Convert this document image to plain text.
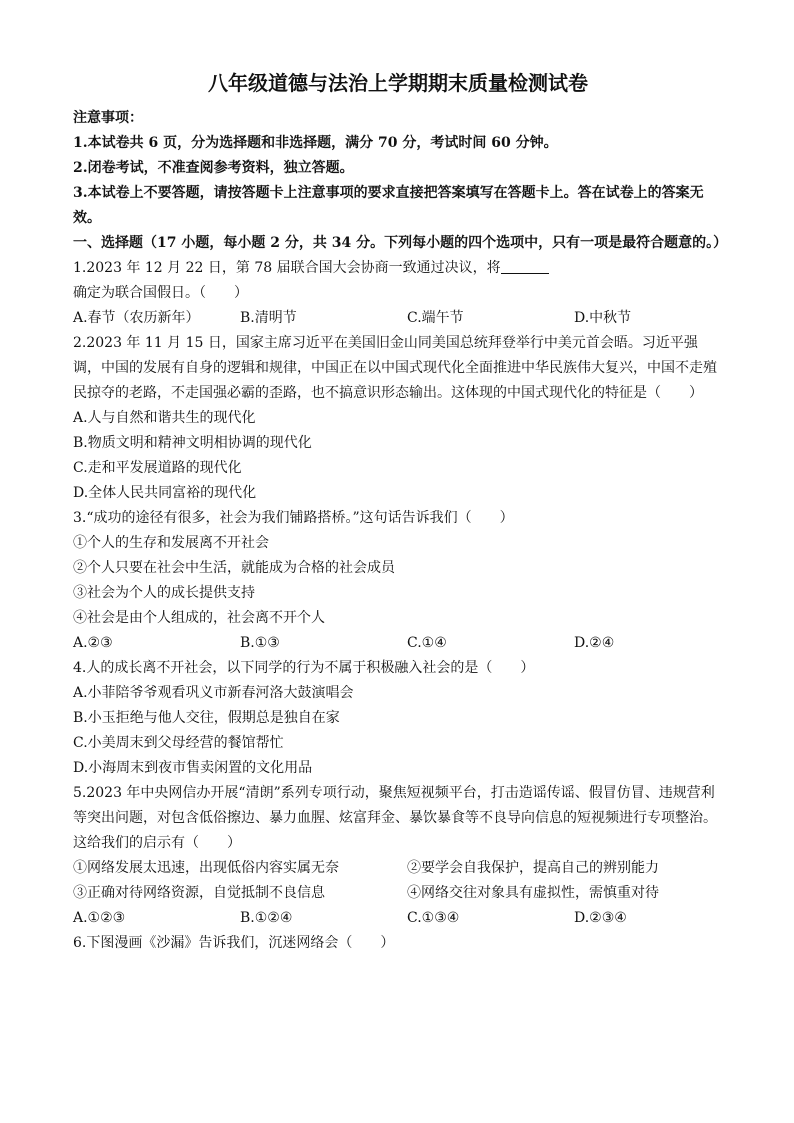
八年级道德与法治上学期期末质量检测试卷

注意事项：

1.本试卷共 6 页，分为选择题和非选择题，满分 70 分，考试时间 60 分钟。

2.闭卷考试，不准查阅参考资料，独立答题。

3.本试卷上不要答题，请按答题卡上注意事项的要求直接把答案填写在答题卡上。答在试卷上的答案无效。

一、选择题（17 小题，每小题 2 分，共 34 分。下列每小题的四个选项中，只有一项是最符合题意的。）

1.2023 年 12 月 22 日，第 78 届联合国大会协商一致通过决议，将确定为联合国假日。（　　）

A.春节（农历新年）	B.清明节	C.端午节	D.中秋节

2.2023 年 11 月 15 日，国家主席习近平在美国旧金山同美国总统拜登举行中美元首会晤。习近平强调，中国的发展有自身的逻辑和规律，中国正在以中国式现代化全面推进中华民族伟大复兴，中国不走殖民掠夺的老路，不走国强必霸的歪路，也不搞意识形态输出。这体现的中国式现代化的特征是（　　）

A.人与自然和谐共生的现代化

B.物质文明和精神文明相协调的现代化

C.走和平发展道路的现代化

D.全体人民共同富裕的现代化

3.“成功的途径有很多，社会为我们铺路搭桥。”这句话告诉我们（　　）

①个人的生存和发展离不开社会

②个人只要在社会中生活，就能成为合格的社会成员

③社会为个人的成长提供支持

④社会是由个人组成的，社会离不开个人

A.②③	B.①③	C.①④	D.②④

4.人的成长离不开社会，以下同学的行为不属于积极融入社会的是（　　）

A.小菲陪爷爷观看巩义市新春河洛大鼓演唱会

B.小玉拒绝与他人交往，假期总是独自在家

C.小美周末到父母经营的餐馆帮忙

D.小海周末到夜市售卖闲置的文化用品

5.2023 年中央网信办开展“清朗”系列专项行动，聚焦短视频平台，打击造谣传谣、假冒仿冒、违规营利等突出问题，对包含低俗擦边、暴力血腥、炫富拜金、暴饮暴食等不良导向信息的短视频进行专项整治。这给我们的启示有（　　）

①网络发展太迅速，出现低俗内容实属无奈	②要学会自我保护，提高自己的辨别能力
③正确对待网络资源，自觉抵制不良信息	④网络交往对象具有虚拟性，需慎重对待
A.①②③	B.①②④	C.①③④	D.②③④

6.下图漫画《沙漏》告诉我们，沉迷网络会（　　）
